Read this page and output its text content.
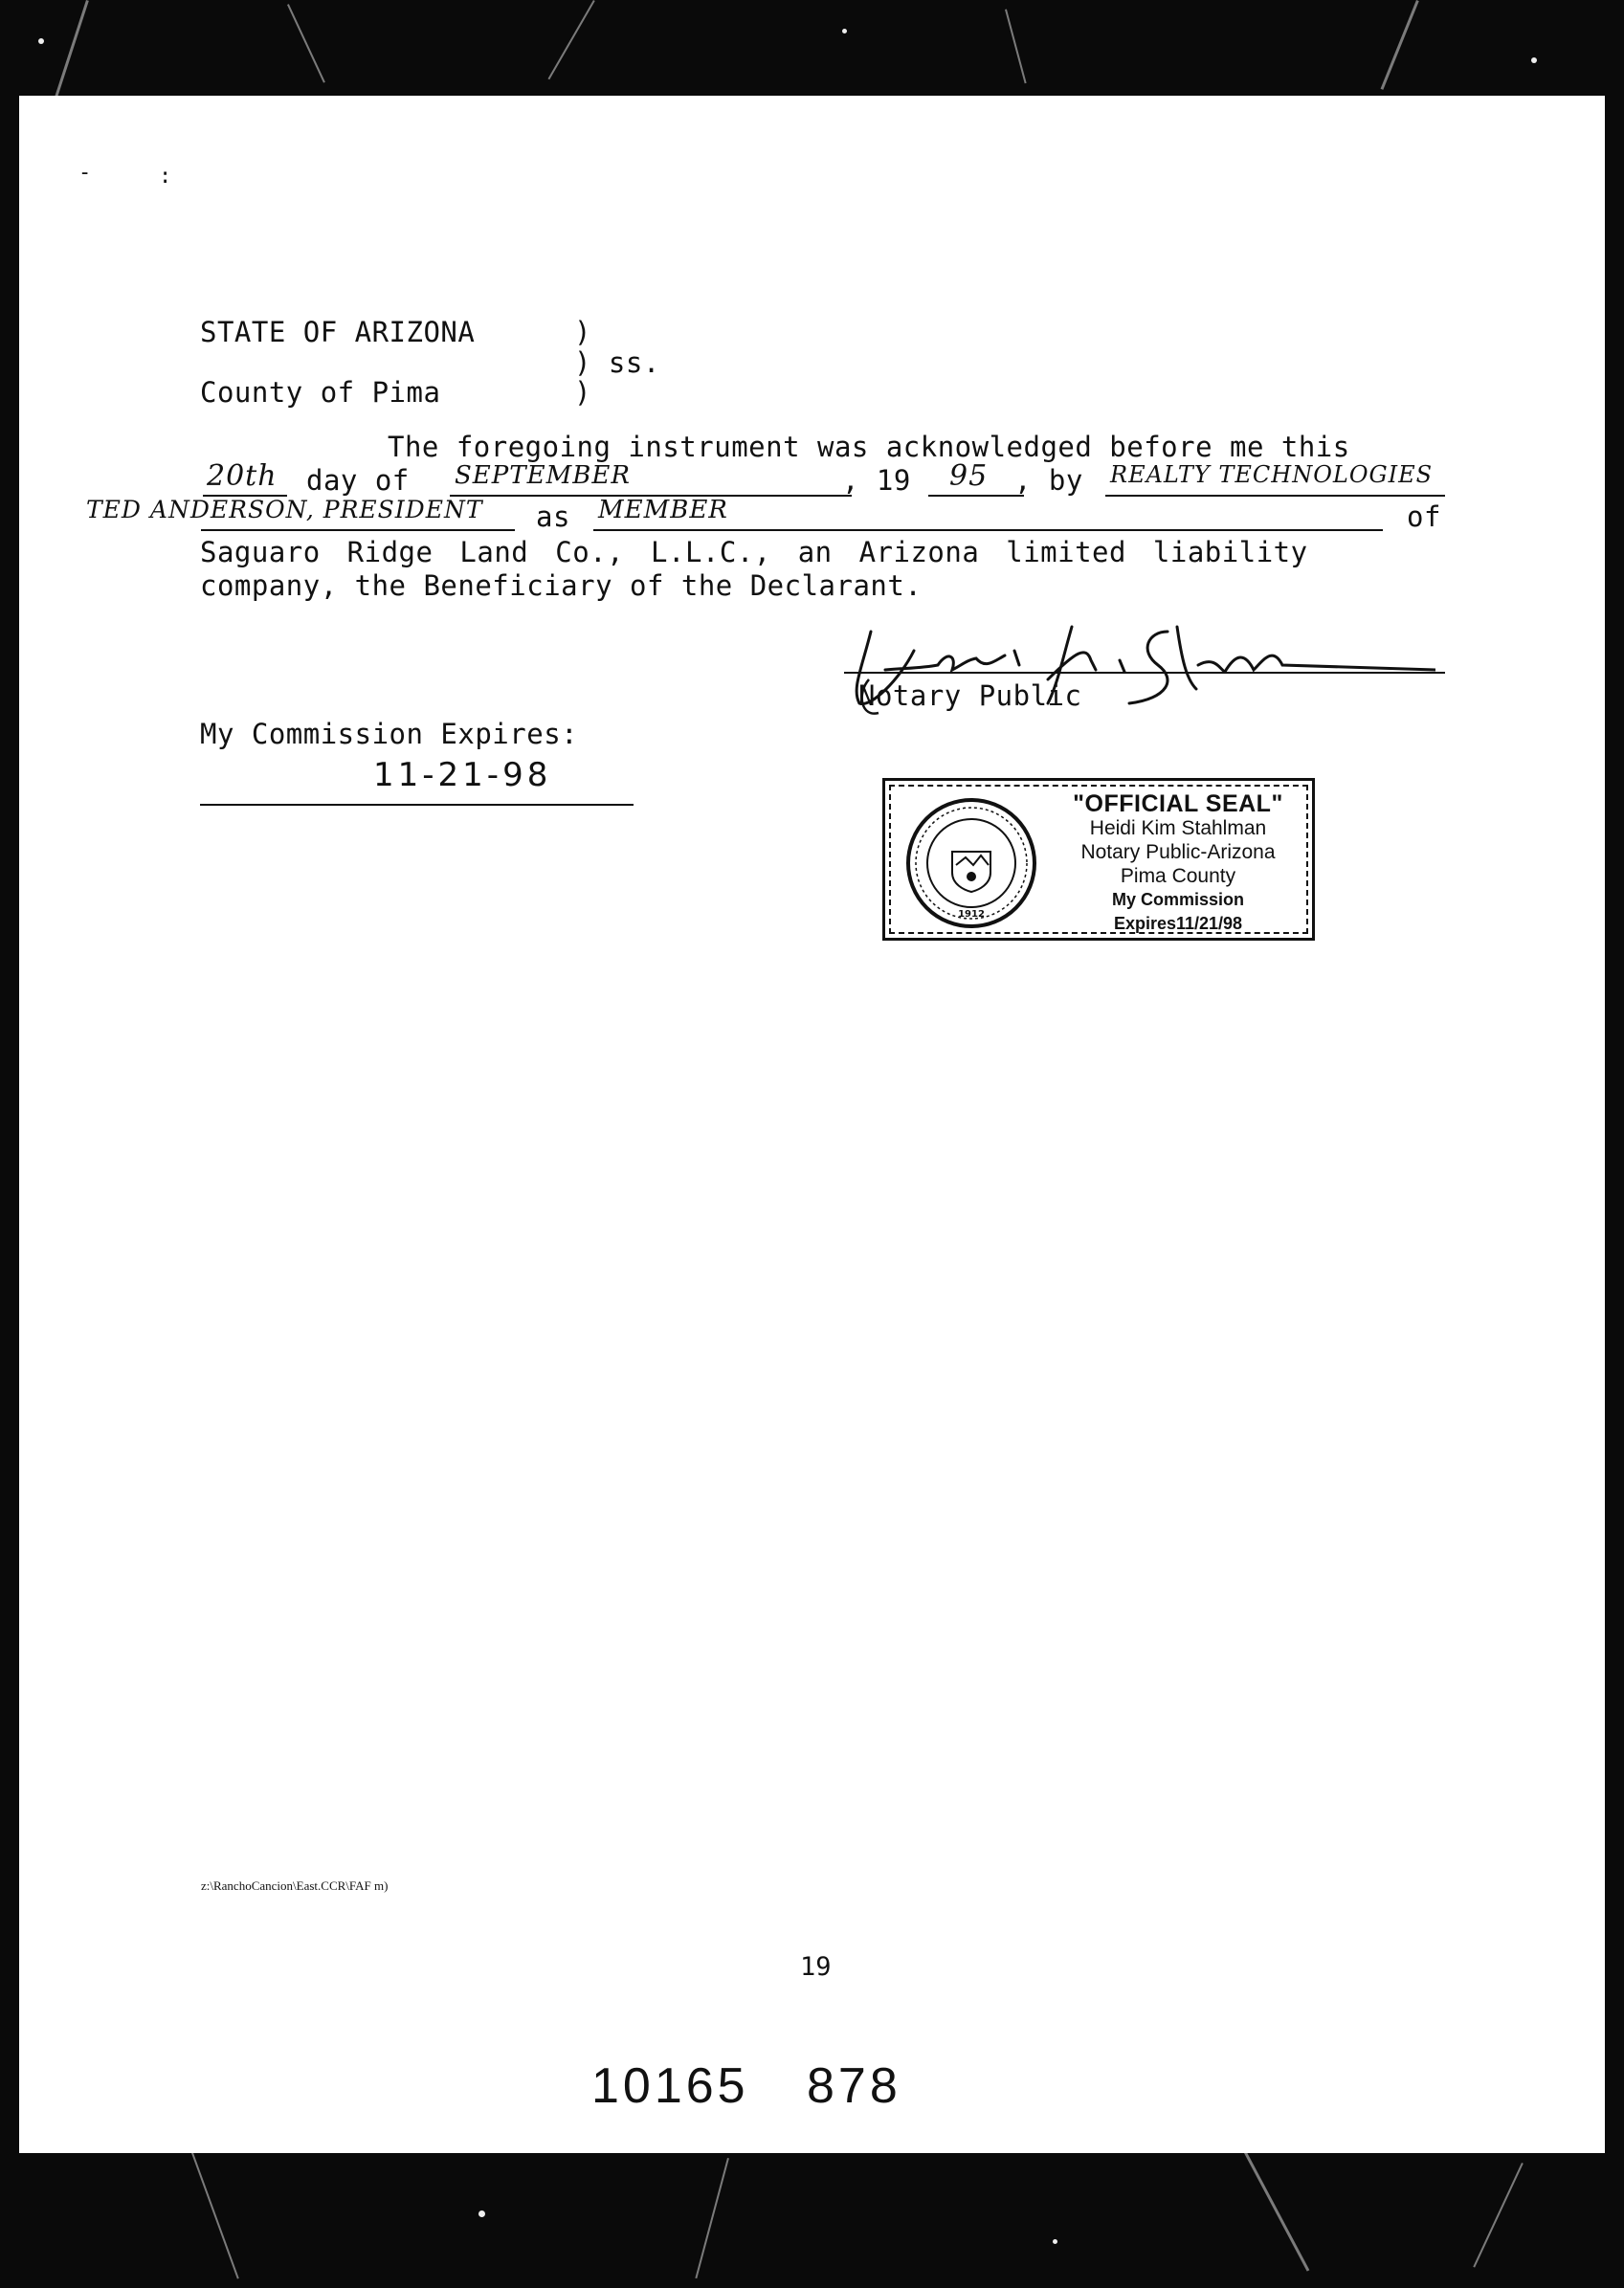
-	:
STATE OF ARIZONA	)
) ss.
County of Pima	)
The foregoing instrument was acknowledged before me this
20th day of SEPTEMBER	, 19 95 , by REALTY TECHNOLOGIES
TED ANDERSON, PRESIDENT as MEMBER	of
Saguaro Ridge Land Co., L.L.C., an Arizona limited liability
company, the Beneficiary of the Declarant.
Notary Public
My Commission Expires:
11-21-98
1912
"OFFICIAL SEAL"
Heidi Kim Stahlman
Notary Public-Arizona
Pima County
My Commission Expires11/21/98
z:\RanchoCancion\East.CCR\FAF m)
19
10165 878
